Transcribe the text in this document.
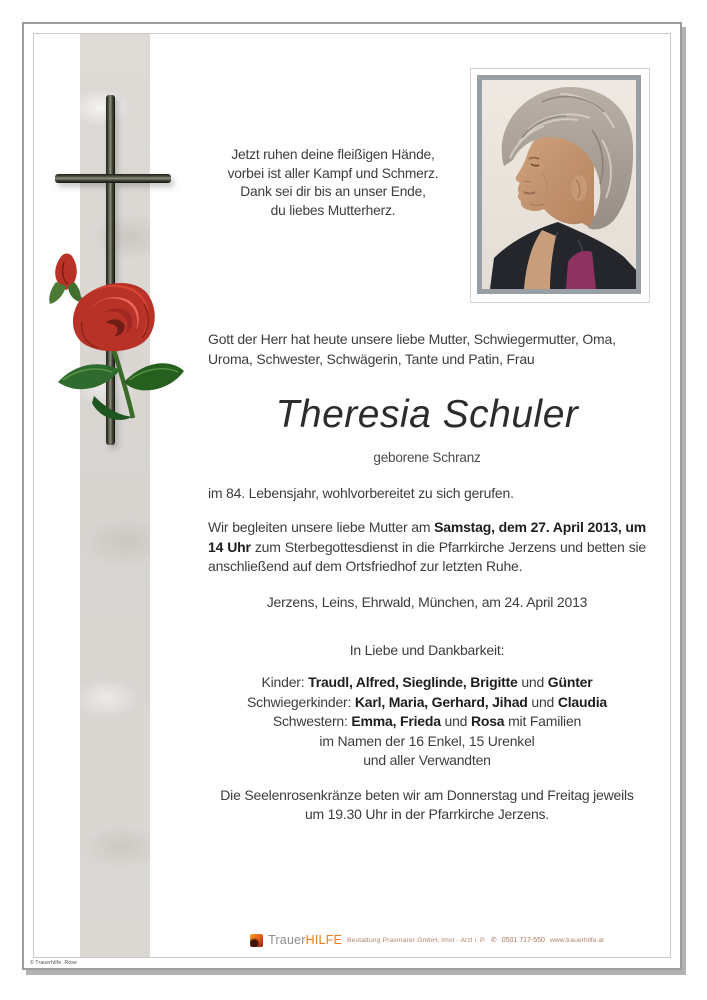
Jetzt ruhen deine fleißigen Hände,
vorbei ist aller Kampf und Schmerz.
Dank sei dir bis an unser Ende,
du liebes Mutterherz.

Gott der Herr hat heute unsere liebe Mutter, Schwiegermutter, Oma, Uroma, Schwester, Schwägerin, Tante und Patin, Frau

Theresia Schuler
geborene Schranz

im 84. Lebensjahr, wohlvorbereitet zu sich gerufen.

Wir begleiten unsere liebe Mutter am Samstag, dem 27. April 2013, um 14 Uhr zum Sterbegottesdienst in die Pfarrkirche Jerzens und betten sie anschließend auf dem Ortsfriedhof zur letzten Ruhe.

Jerzens, Leins, Ehrwald, München, am 24. April 2013
In Liebe und Dankbarkeit:
Kinder: Traudl, Alfred, Sieglinde, Brigitte und Günter
Schwiegerkinder: Karl, Maria, Gerhard, Jihad und Claudia
Schwestern: Emma, Frieda und Rosa mit Familien
im Namen der 16 Enkel, 15 Urenkel
und aller Verwandten
Die Seelenrosenkränze beten wir am Donnerstag und Freitag jeweils
um 19.30 Uhr in der Pfarrkirche Jerzens.
TrauerHILFE Bestattung Praxmarer GmbH, Imst - Arzl i. P. ✆ 0501 717-550 www.trauerhilfe.at
© Trauerhilfe .Rose
